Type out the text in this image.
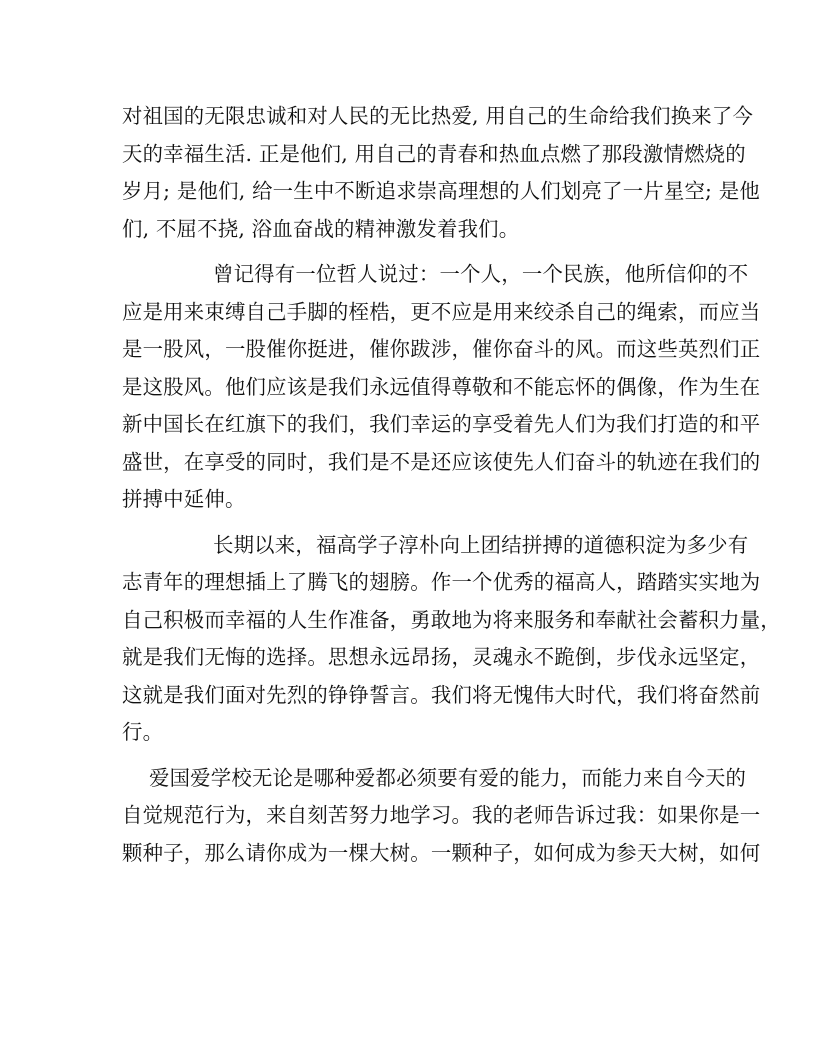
对祖国的无限忠诚和对人民的无比热爱, 用自己的生命给我们换来了今
天的幸福生活. 正是他们, 用自己的青春和热血点燃了那段激情燃烧的
岁月; 是他们, 给一生中不断追求崇高理想的人们划亮了一片星空; 是他
们, 不屈不挠, 浴血奋战的精神激发着我们。
曾记得有一位哲人说过：一个人，一个民族，他所信仰的不
应是用来束缚自己手脚的桎梏，更不应是用来绞杀自己的绳索，而应当
是一股风，一股催你挺进，催你跋涉，催你奋斗的风。而这些英烈们正
是这股风。他们应该是我们永远值得尊敬和不能忘怀的偶像，作为生在
新中国长在红旗下的我们，我们幸运的享受着先人们为我们打造的和平
盛世，在享受的同时，我们是不是还应该使先人们奋斗的轨迹在我们的
拼搏中延伸。
长期以来，福高学子淳朴向上团结拼搏的道德积淀为多少有
志青年的理想插上了腾飞的翅膀。作一个优秀的福高人，踏踏实实地为
自己积极而幸福的人生作准备，勇敢地为将来服务和奉献社会蓄积力量，
就是我们无悔的选择。思想永远昂扬，灵魂永不跪倒，步伐永远坚定，
这就是我们面对先烈的铮铮誓言。我们将无愧伟大时代，我们将奋然前
行。
爱国爱学校无论是哪种爱都必须要有爱的能力，而能力来自今天的
自觉规范行为，来自刻苦努力地学习。我的老师告诉过我：如果你是一
颗种子，那么请你成为一棵大树。一颗种子，如何成为参天大树，如何
